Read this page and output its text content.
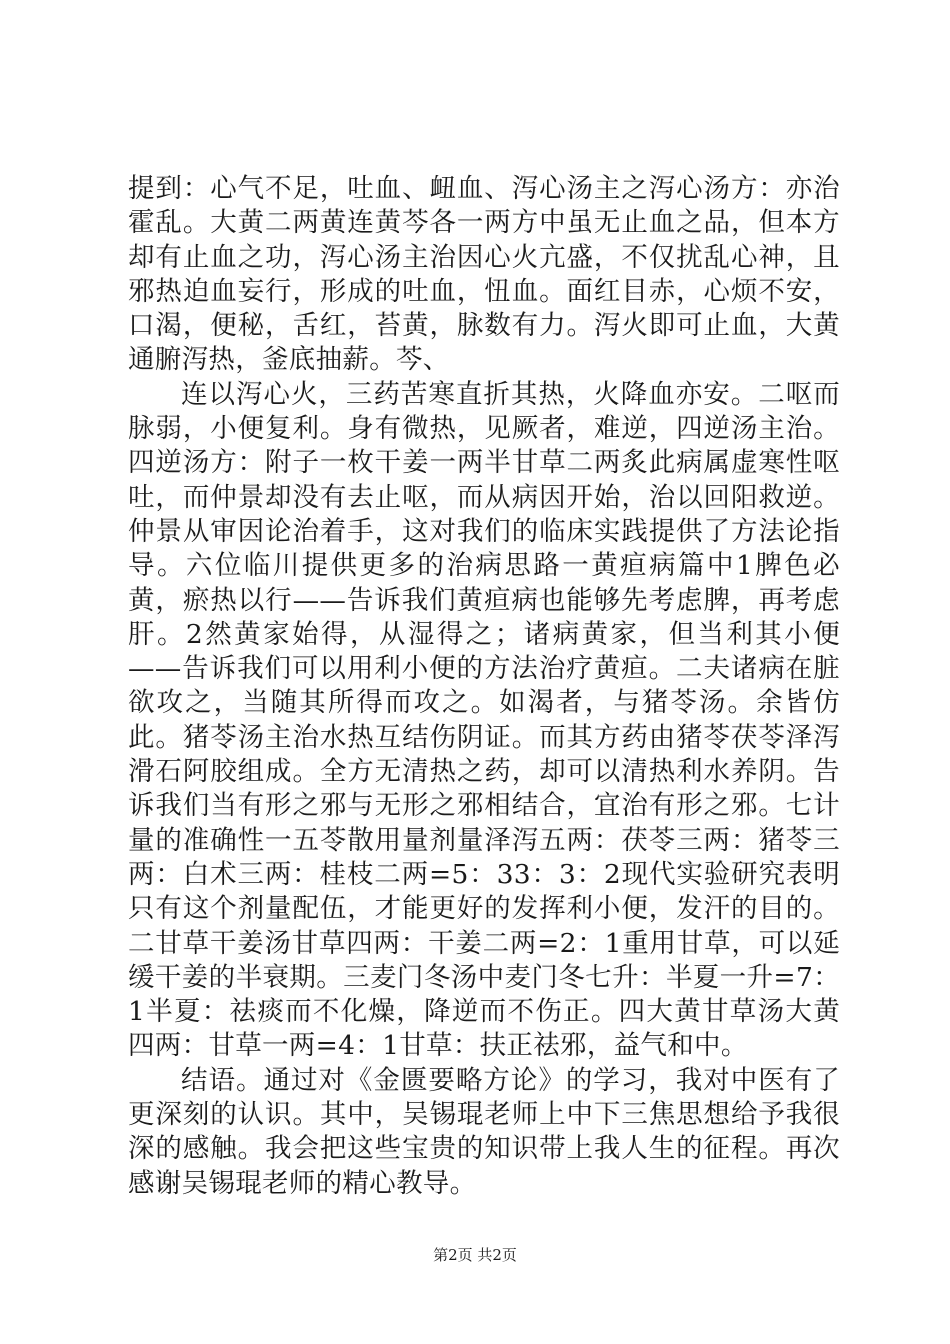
提到：心气不足，吐血、衄血、泻心汤主之泻心汤方：亦治霍乱。大黄二两黄连黄芩各一两方中虽无止血之品，但本方却有止血之功，泻心汤主治因心火亢盛，不仅扰乱心神，且邪热迫血妄行，形成的吐血，忸血。面红目赤，心烦不安，口渴，便秘，舌红，苔黄，脉数有力。泻火即可止血，大黄通腑泻热，釜底抽薪。芩、

连以泻心火，三药苦寒直折其热，火降血亦安。二呕而脉弱，小便复利。身有微热，见厥者，难逆，四逆汤主治。四逆汤方：附子一枚干姜一两半甘草二两炙此病属虚寒性呕吐，而仲景却没有去止呕，而从病因开始，治以回阳救逆。仲景从审因论治着手，这对我们的临床实践提供了方法论指导。六位临川提供更多的治病思路一黄疸病篇中1脾色必黄，瘀热以行——告诉我们黄疸病也能够先考虑脾，再考虑肝。2然黄家始得，从湿得之；诸病黄家，但当利其小便——告诉我们可以用利小便的方法治疗黄疸。二夫诸病在脏欲攻之，当随其所得而攻之。如渴者，与猪苓汤。余皆仿此。猪苓汤主治水热互结伤阴证。而其方药由猪苓茯苓泽泻滑石阿胶组成。全方无清热之药，却可以清热利水养阴。告诉我们当有形之邪与无形之邪相结合，宜治有形之邪。七计量的准确性一五苓散用量剂量泽泻五两：茯苓三两：猪苓三两：白术三两：桂枝二两=5：33：3：2现代实验研究表明只有这个剂量配伍，才能更好的发挥利小便，发汗的目的。二甘草干姜汤甘草四两：干姜二两=2：1重用甘草，可以延缓干姜的半衰期。三麦门冬汤中麦门冬七升：半夏一升=7：1半夏：祛痰而不化燥，降逆而不伤正。四大黄甘草汤大黄四两：甘草一两=4：1甘草：扶正祛邪，益气和中。

结语。通过对《金匮要略方论》的学习，我对中医有了更深刻的认识。其中，吴锡琨老师上中下三焦思想给予我很深的感触。我会把这些宝贵的知识带上我人生的征程。再次感谢吴锡琨老师的精心教导。

第2页 共2页
